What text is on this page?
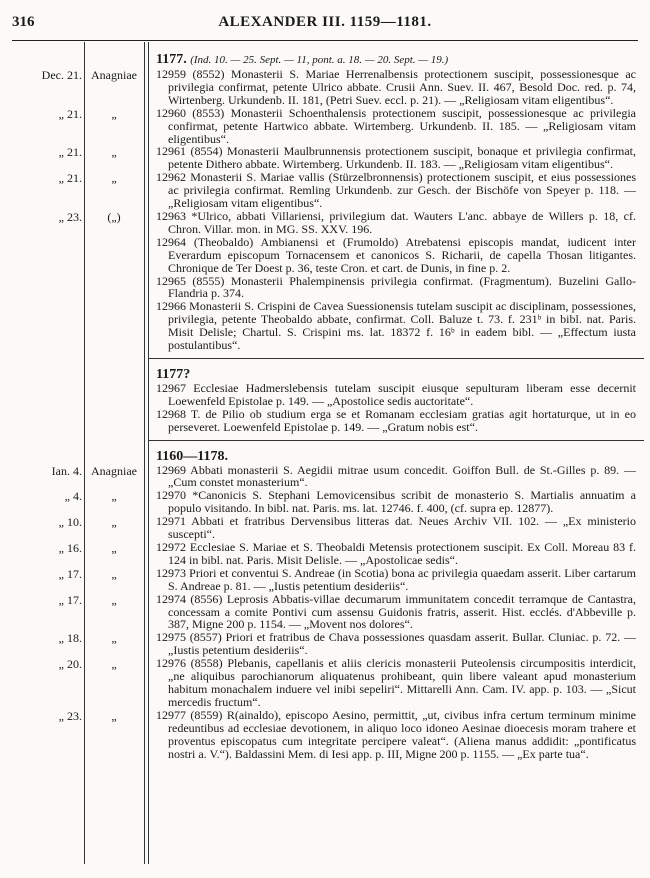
316	ALEXANDER III. 1159—1181.
Dec. 21. Anagniae
„ 21.	„
„ 21.	„
„ 21.	„
„ 23.	(„)
Ian. 4. Anagniae
„ 4.	„
„ 10.	„
„ 16.	„
„ 17.	„
„ 17.	„
„ 18.	„
„ 20.	„
„ 23.	„

1177. (Ind. 10. — 25. Sept. — 11, pont. a. 18. — 20. Sept. — 19.)

12959 (8552) Monasterii S. Mariae Herrenalbensis protectionem suscipit, possessionesque ac privilegia confirmat, petente Ulrico abbate. Crusii Ann. Suev. II. 467, Besold Doc. red. p. 74, Wirtenberg. Urkundenb. II. 181, (Petri Suev. eccl. p. 21). — „Religiosam vitam eligentibus“.

12960 (8553) Monasterii Schoenthalensis protectionem suscipit, possessionesque ac privilegia confirmat, petente Hartwico abbate. Wirtemberg. Urkundenb. II. 185. — „Religiosam vitam eligentibus“.

12961 (8554) Monasterii Maulbrunnensis protectionem suscipit, bonaque et privilegia confirmat, petente Dithero abbate. Wirtemberg. Urkundenb. II. 183. — „Religiosam vitam eligentibus“.

12962 Monasterii S. Mariae vallis (Stürzelbronnensis) protectionem suscipit, et eius possessiones ac privilegia confirmat. Remling Urkundenb. zur Gesch. der Bischöfe von Speyer p. 118. — „Religiosam vitam eligentibus“.

12963 *Ulrico, abbati Villariensi, privilegium dat. Wauters L'anc. abbaye de Willers p. 18, cf. Chron. Villar. mon. in MG. SS. XXV. 196.

12964 (Theobaldo) Ambianensi et (Frumoldo) Atrebatensi episcopis mandat, iudicent inter Everardum episcopum Tornacensem et canonicos S. Richarii, de capella Thosan litigantes. Chronique de Ter Doest p. 36, teste Cron. et cart. de Dunis, in fine p. 2.

12965 (8555) Monasterii Phalempinensis privilegia confirmat. (Fragmentum). Buzelini Gallo-Flandria p. 374.

12966 Monasterii S. Crispini de Cavea Suessionensis tutelam suscipit ac disciplinam, possessiones, privilegia, petente Theobaldo abbate, confirmat. Coll. Baluze t. 73. f. 231ᵇ in bibl. nat. Paris. Misit Delisle; Chartul. S. Crispini ms. lat. 18372 f. 16ᵇ in eadem bibl. — „Effectum iusta postulantibus“.

1177?

12967 Ecclesiae Hadmerslebensis tutelam suscipit eiusque sepulturam liberam esse decernit Loewenfeld Epistolae p. 149. — „Apostolice sedis auctoritate“.

12968 T. de Pilio ob studium erga se et Romanam ecclesiam gratias agit hortaturque, ut in eo perseveret. Loewenfeld Epistolae p. 149. — „Gratum nobis est“.

1160—1178.

12969 Abbati monasterii S. Aegidii mitrae usum concedit. Goiffon Bull. de St.-Gilles p. 89. — „Cum constet monasterium“.

12970 *Canonicis S. Stephani Lemovicensibus scribit de monasterio S. Martialis annuatim a populo visitando. In bibl. nat. Paris. ms. lat. 12746. f. 400, (cf. supra ep. 12877).

12971 Abbati et fratribus Dervensibus litteras dat. Neues Archiv VII. 102. — „Ex ministerio suscepti“.

12972 Ecclesiae S. Mariae et S. Theobaldi Metensis protectionem suscipit. Ex Coll. Moreau 83 f. 124 in bibl. nat. Paris. Misit Delisle. — „Apostolicae sedis“.

12973 Priori et conventui S. Andreae (in Scotia) bona ac privilegia quaedam asserit. Liber cartarum S. Andreae p. 81. — „Iustis petentium desideriis“.

12974 (8556) Leprosis Abbatis-villae decumarum immunitatem concedit terramque de Cantastra, concessam a comite Pontivi cum assensu Guidonis fratris, asserit. Hist. ecclés. d'Abbeville p. 387, Migne 200 p. 1154. — „Movent nos dolores“.

12975 (8557) Priori et fratribus de Chava possessiones quasdam asserit. Bullar. Cluniac. p. 72. — „Iustis petentium desideriis“.

12976 (8558) Plebanis, capellanis et aliis clericis monasterii Puteolensis circumpositis interdicit, „ne aliquibus parochianorum aliquatenus prohibeant, quin libere valeant apud monasterium habitum monachalem induere vel inibi sepeliri“. Mittarelli Ann. Cam. IV. app. p. 103. — „Sicut mercedis fructum“.

12977 (8559) R(ainaldo), episcopo Aesino, permittit, „ut, civibus infra certum terminum minime redeuntibus ad ecclesiae devotionem, in aliquo loco idoneo Aesinae dioecesis moram trahere et proventus episcopatus cum integritate percipere valeat“. (Aliena manus addidit: „pontificatus nostri a. V.“). Baldassini Mem. di Iesi app. p. III, Migne 200 p. 1155. — „Ex parte tua“.
